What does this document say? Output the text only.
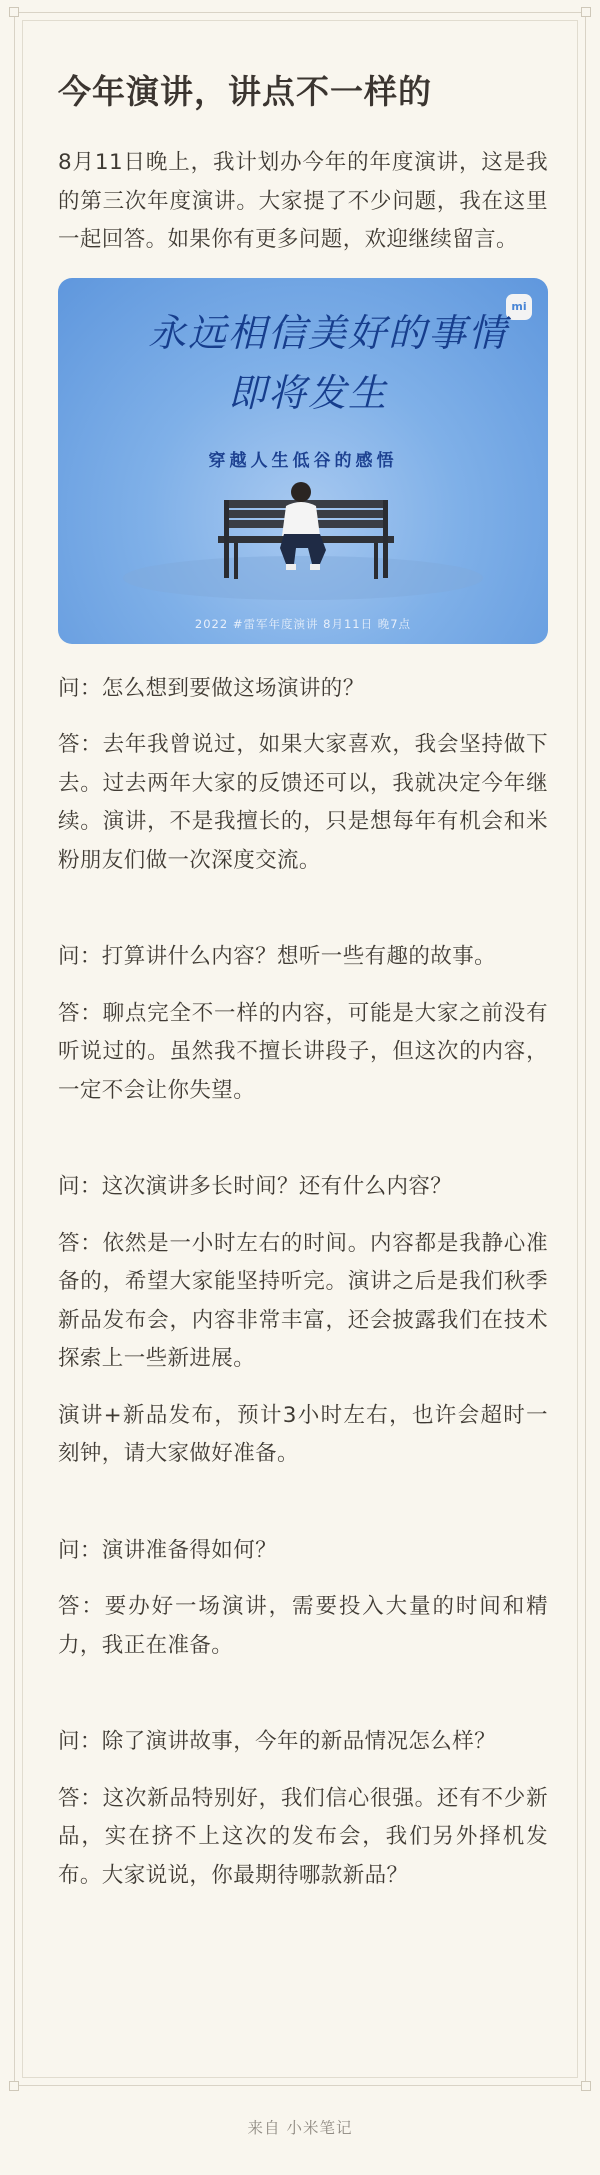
今年演讲，讲点不一样的

8月11日晚上，我计划办今年的年度演讲，这是我的第三次年度演讲。大家提了不少问题，我在这里一起回答。如果你有更多问题，欢迎继续留言。

mi
永远相信美好的事情
即将发生
穿越人生低谷的感悟
2022 #雷军年度演讲 8月11日 晚7点

问：怎么想到要做这场演讲的？

答：去年我曾说过，如果大家喜欢，我会坚持做下去。过去两年大家的反馈还可以，我就决定今年继续。演讲，不是我擅长的，只是想每年有机会和米粉朋友们做一次深度交流。

问：打算讲什么内容？想听一些有趣的故事。

答：聊点完全不一样的内容，可能是大家之前没有听说过的。虽然我不擅长讲段子，但这次的内容，一定不会让你失望。

问：这次演讲多长时间？还有什么内容？

答：依然是一小时左右的时间。内容都是我静心准备的，希望大家能坚持听完。演讲之后是我们秋季新品发布会，内容非常丰富，还会披露我们在技术探索上一些新进展。

演讲+新品发布，预计3小时左右，也许会超时一刻钟，请大家做好准备。

问：演讲准备得如何？

答：要办好一场演讲，需要投入大量的时间和精力，我正在准备。

问：除了演讲故事，今年的新品情况怎么样？

答：这次新品特别好，我们信心很强。还有不少新品，实在挤不上这次的发布会，我们另外择机发布。大家说说，你最期待哪款新品？

来自 小米笔记
